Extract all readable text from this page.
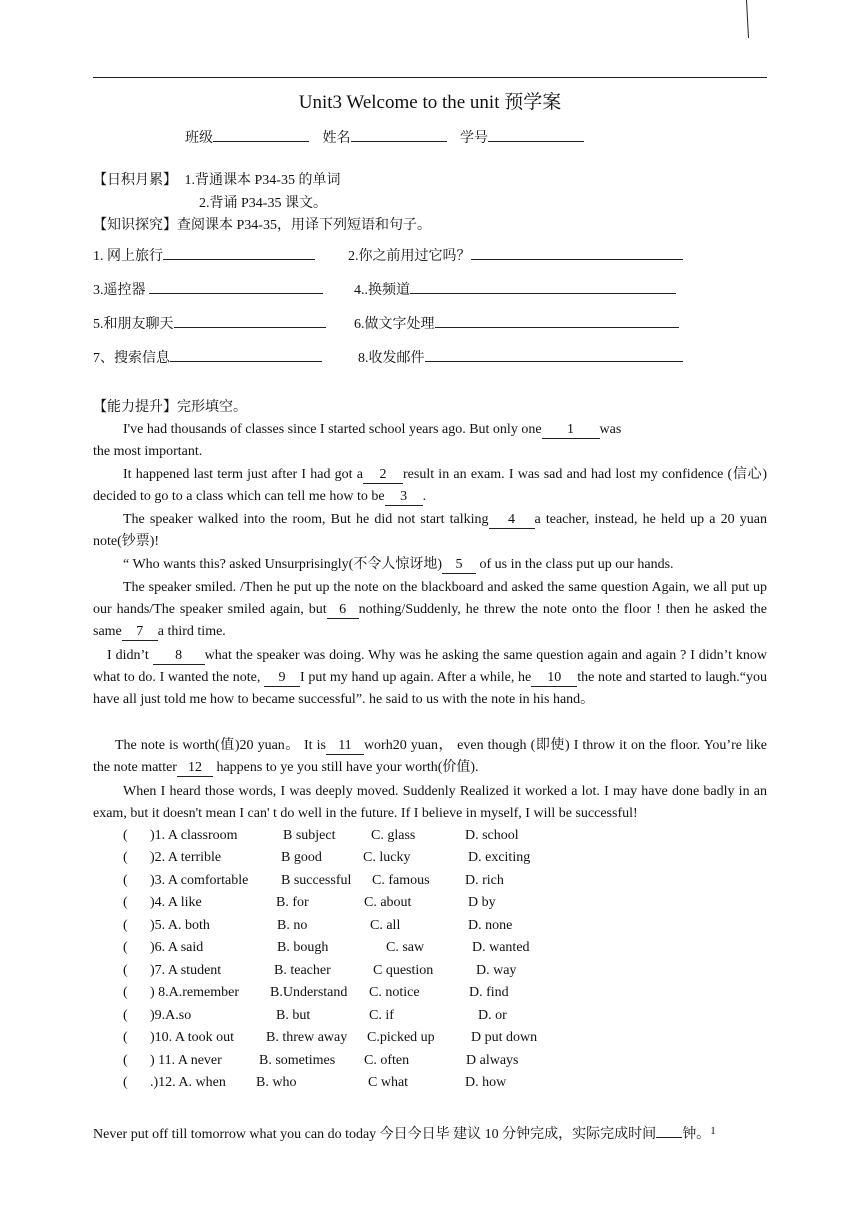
Unit3 Welcome to the unit 预学案
班级	姓名	学号
【日积月累】 1.背通课本 P34-35 的单词
2.背诵 P34-35 课文。
【知识探究】查阅课本 P34-35，用译下列短语和句子。
1. 网上旅行	2.你之前用过它吗？
3.遥控器	4..换频道
5.和朋友聊天	6.做文字处理
7、搜索信息	8.收发邮件
【能力提升】完形填空。
I've had thousands of classes since I started school years ago. But only one 1 was
the most important.
It happened last term just after I had got a 2 result in an exam. I was sad and had lost my confidence (信心) decided to go to a class which can tell me how to be 3 .
The speaker walked into the room, But he did not start talking 4 a teacher, instead, he held up a 20 yuan note(钞票)!
“ Who wants this? asked Unsurprisingly(不令人惊讶地) 5 of us in the class put up our hands.
The speaker smiled. /Then he put up the note on the blackboard and asked the same question Again, we all put up our hands/The speaker smiled again, but 6 nothing/Suddenly, he threw the note onto the floor ! then he asked the same 7 a third time.
I didn’t 8 what the speaker was doing. Why was he asking the same question again and again ? I didn’t know what to do. I wanted the note, 9 I put my hand up again. After a while, he 10 the note and started to laugh.“you have all just told me how to became successful”. he said to us with the note in his hand。
The note is worth(值)20 yuan。 It is 11 worh20 yuan， even though (即使) I throw it on the floor. You’re like the note matter 12 happens to ye you still have your worth(价值).
When I heard those words, I was deeply moved. Suddenly Realized it worked a lot. I may have done badly in an exam, but it doesn't mean I can' t do well in the future. If I believe in myself, I will be successful!
( )1. A classroom	B subject	C. glass	D. school
( )2. A terrible	B good	C. lucky	D. exciting
( )3. A comfortable B successful C. famous	D. rich
( )4. A like	B. for	C. about	D by
( )5. A. both	B. no	C. all	D. none
( )6. A said	B. bough	C. saw	D. wanted
( )7. A student	B. teacher	C question	D. way
( ) 8.A.remember B.Understand C. notice	D. find
( )9.A.so	B. but	C. if	D. or
( )10. A took out B. threw away C.picked up	D put down
( ) 11. A never	B. sometimes C. often	D always
( .)12. A. when B. who	C what	D. how
Never put off till tomorrow what you can do today 今日今日毕 建议 10 分钟完成，实际完成时间 钟。$^1$
